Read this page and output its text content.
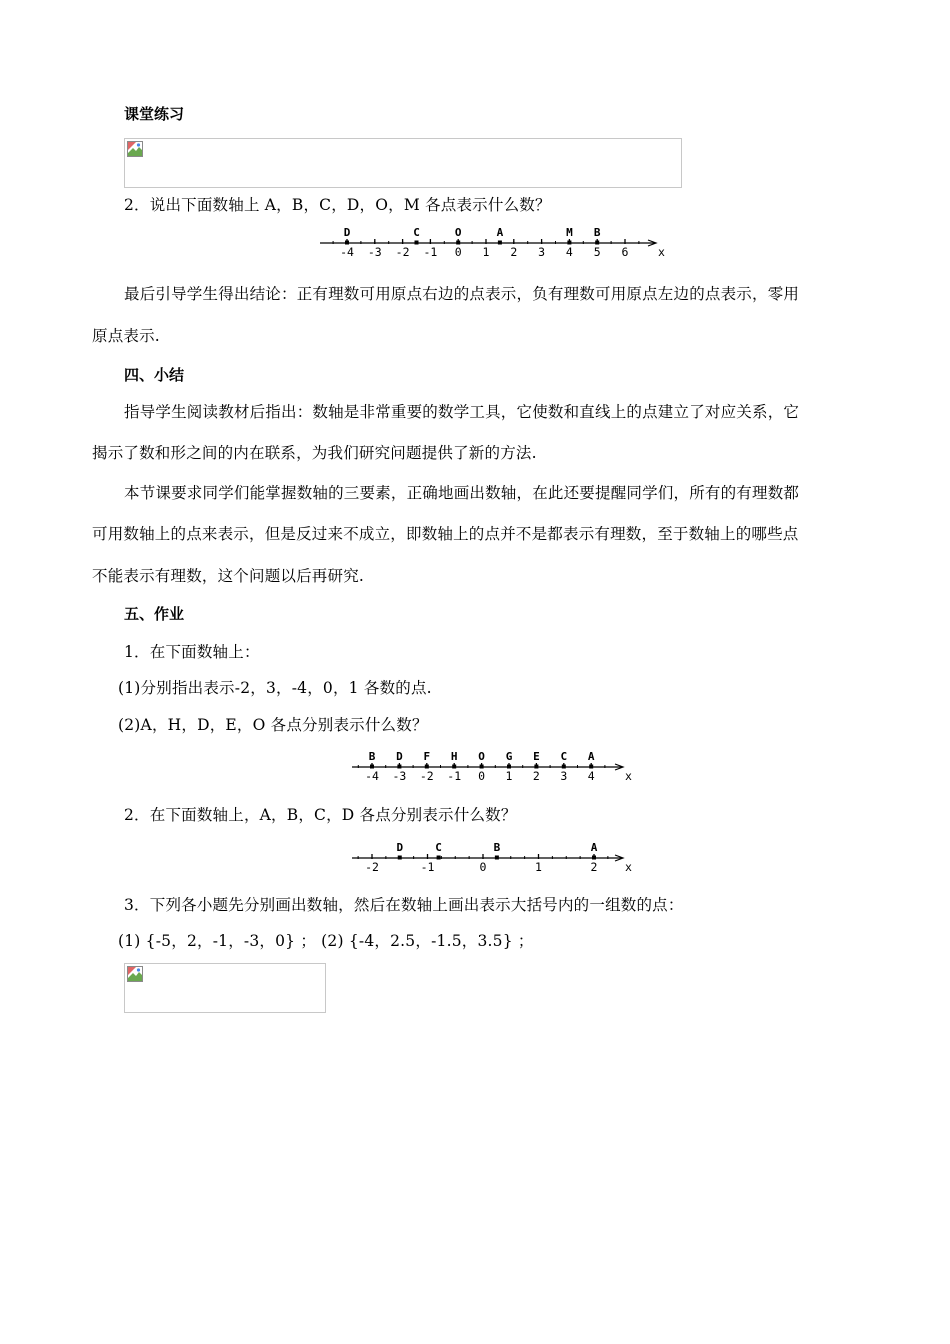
课堂练习
2．说出下面数轴上 A，B，C，D，O，M 各点表示什么数？
-4 -3 -2 -1 0 1 2 3 4 5 6	x
D	C	O	A	M B
最后引导学生得出结论：正有理数可用原点右边的点表示，负有理数可用原点左边的点表示，零用
原点表示.
四、小结
指导学生阅读教材后指出：数轴是非常重要的数学工具，它使数和直线上的点建立了对应关系，它
揭示了数和形之间的内在联系，为我们研究问题提供了新的方法.
本节课要求同学们能掌握数轴的三要素，正确地画出数轴，在此还要提醒同学们，所有的有理数都
可用数轴上的点来表示，但是反过来不成立，即数轴上的点并不是都表示有理数，至于数轴上的哪些点
不能表示有理数，这个问题以后再研究.
五、作业
1．在下面数轴上：
(1)分别指出表示-2，3，-4，0，1 各数的点.
(2)A，H，D，E，O 各点分别表示什么数？
-4 -3 -2 -1 0 1 2 3 4	x
B D F H O G E C A
2．在下面数轴上，A，B，C，D 各点分别表示什么数？
-2	-1	0	1	2 x
D	C	B	A
3．下列各小题先分别画出数轴，然后在数轴上画出表示大括号内的一组数的点：
(1) {-5，2，-1，-3，0} ； (2) {-4，2.5，-1.5，3.5} ；
